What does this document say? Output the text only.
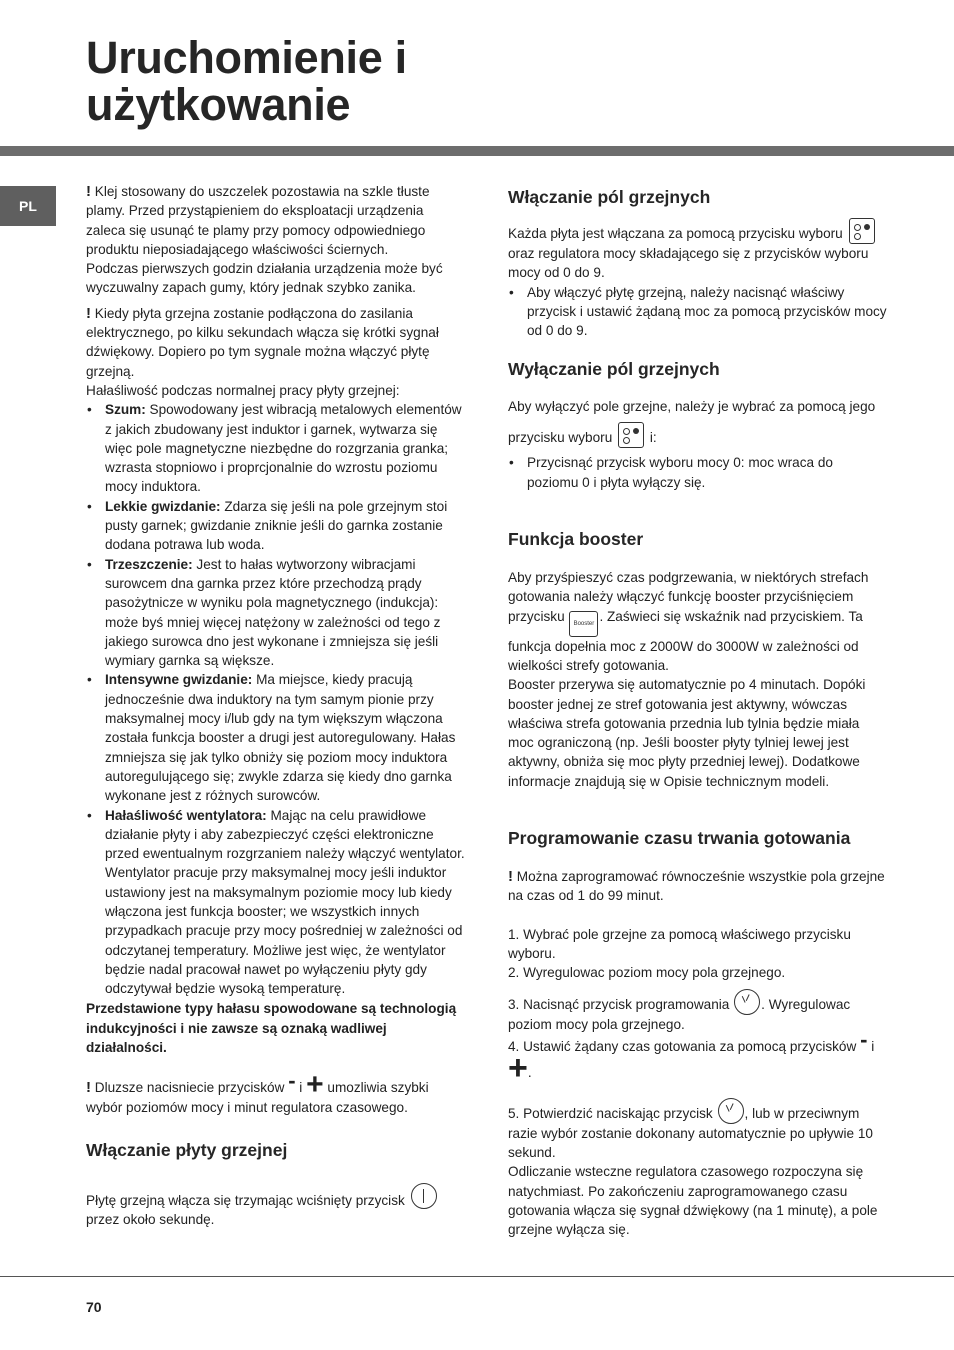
Uruchomienie i
użytkowanie
PL

! Klej stosowany do uszczelek pozostawia na szkle tłuste plamy. Przed przystąpieniem do eksploatacji urządzenia zaleca się usunąć te plamy przy pomocy odpowiedniego produktu nieposiadającego właściwości ściernych.

Podczas pierwszych godzin działania urządzenia może być wyczuwalny zapach gumy, który jednak szybko zanika.

! Kiedy płyta grzejna zostanie podłączona do zasilania elektrycznego, po kilku sekundach włącza się krótki sygnał dźwiękowy. Dopiero po tym sygnale można włączyć płytę grzejną.

Hałaśliwość podczas normalnej pracy płyty grzejnej:

• Szum: Spowodowany jest wibracją metalowych elementów z jakich zbudowany jest induktor i garnek, wytwarza się więc pole magnetyczne niezbędne do rozgrzania granka; wzrasta stopniowo i proprcjonalnie do wzrostu poziomu mocy induktora.
• Lekkie gwizdanie: Zdarza się jeśli na pole grzejnym stoi pusty garnek; gwizdanie zniknie jeśli do garnka zostanie dodana potrawa lub woda.
• Trzeszczenie: Jest to hałas wytworzony wibracjami surowcem dna garnka przez które przechodzą prądy pasożytnicze w wyniku pola magnetycznego (indukcja): może byś mniej więcej natężony w zależności od tego z jakiego surowca dno jest wykonane i zmniejsza się jeśli wymiary garnka są większe.
• Intensywne gwizdanie: Ma miejsce, kiedy pracują jednocześnie dwa induktory na tym samym pionie przy maksymalnej mocy i/lub gdy na tym większym włączona została funkcja booster a drugi jest autoregulowany. Hałas zmniejsza się jak tylko obniży się poziom mocy induktora autoregulującego się; zwykle zdarza się kiedy dno garnka wykonane jest z różnych surowców.
• Hałaśliwość wentylatora: Mając na celu prawidłowe działanie płyty i aby zabezpieczyć części elektroniczne przed ewentualnym rozgrzaniem należy włączyć wentylator. Wentylator pracuje przy maksymalnej mocy jeśli induktor ustawiony jest na maksymalnym poziomie mocy lub kiedy włączona jest funkcja booster; we wszystkich innych przypadkach pracuje przy mocy pośredniej w zależności od odczytanej temperatury. Możliwe jest więc, że wentylator będzie nadal pracował nawet po wyłączeniu płyty gdy odczytywał będzie wysoką temperaturę.

Przedstawione typy hałasu spowodowane są technologią indukcyjności i nie zawsze są oznaką wadliwej działalności.

! Dluzsze nacisniecie przycisków - i + umozliwia szybki wybór poziomów mocy i minut regulatora czasowego.

Włączanie płyty grzejnej

Płytę grzejną włącza się trzymając wciśnięty przycisk
przez około sekundę.

Włączanie pól grzejnych

Każda płyta jest włączana za pomocą przycisku wyboru
oraz regulatora mocy składającego się z przycisków wyboru mocy od 0 do 9.

• Aby włączyć płytę grzejną, należy nacisnąć właściwy przycisk i ustawić żądaną moc za pomocą przycisków mocy od 0 do 9.
Wyłączanie pól grzejnych

Aby wyłączyć pole grzejne, należy je wybrać za pomocą jego przycisku wyboru	i:

• Przycisnąć przycisk wyboru mocy 0: moc wraca do poziomu 0 i płyta wyłączy się.
Funkcja booster

Aby przyśpieszyć czas podgrzewania, w niektórych strefach gotowania należy włączyć funkcję booster przyciśnięciem przycisku Booster . Zaświeci się wskaźnik nad przyciskiem. Ta funkcja dopełnia moc z 2000W do 3000W w zależności od wielkości strefy gotowania.

Booster przerywa się automatycznie po 4 minutach. Dopóki booster jednej ze stref gotowania jest aktywny, wówczas właściwa strefa gotowania przednia lub tylnia będzie miała moc ograniczoną (np. Jeśli booster płyty tylniej lewej jest aktywny, obniża się moc płyty przedniej lewej). Dodatkowe informacje znajdują się w Opisie technicznym modeli.

Programowanie czasu trwania gotowania

! Można zaprogramować równocześnie wszystkie pola grzejne na czas od 1 do 99 minut.

1. Wybrać pole grzejne za pomocą właściwego przycisku wyboru.

2. Wyregulowac poziom mocy pola grzejnego.

3. Nacisnąć przycisk programowania . Wyregulowac poziom mocy pola grzejnego.

4. Ustawić żądany czas gotowania za pomocą przycisków - i
+.

5. Potwierdzić naciskając przycisk , lub w przeciwnym razie wybór zostanie dokonany automatycznie po upływie 10 sekund.

Odliczanie wsteczne regulatora czasowego rozpoczyna się natychmiast. Po zakończeniu zaprogramowanego czasu gotowania włącza się sygnał dźwiękowy (na 1 minutę), a pole grzejne wyłącza się.

70
